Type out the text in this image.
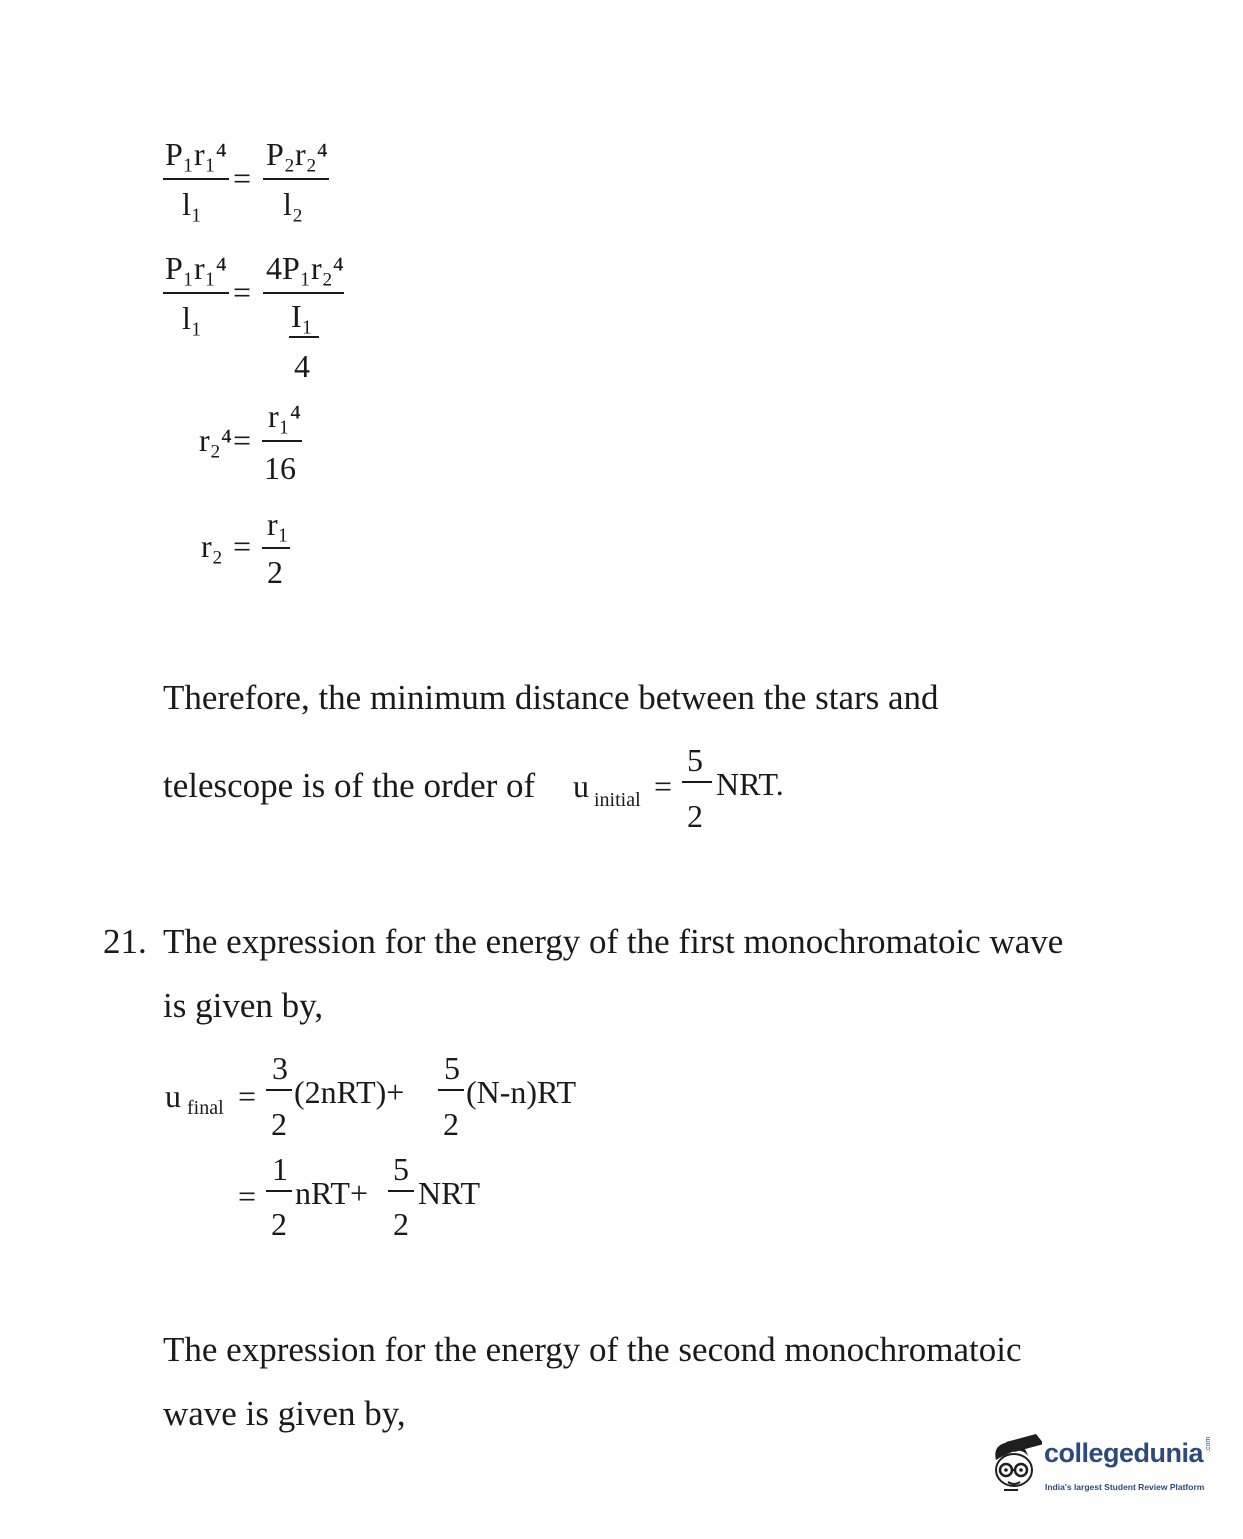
P₁r₁⁴
l₁
=
P₂r₂⁴
l₂
P₁r₁⁴
l₁
=
4P₁r₂⁴
I₁
4
r₂⁴ =
r₁⁴
16
r₂ =
r₁
2
Therefore, the minimum distance between the stars and
telescope is of the order of u initial =
5
2
NRT.
21. The expression for the energy of the first monochromatoic wave
is given by,
u final =
3
2
(2nRT)+
5
2
(N-n)RT
=
1
2
nRT+
5
2
NRT
The expression for the energy of the second monochromatoic
wave is given by,
collegedunia .com
India's largest Student Review Platform
